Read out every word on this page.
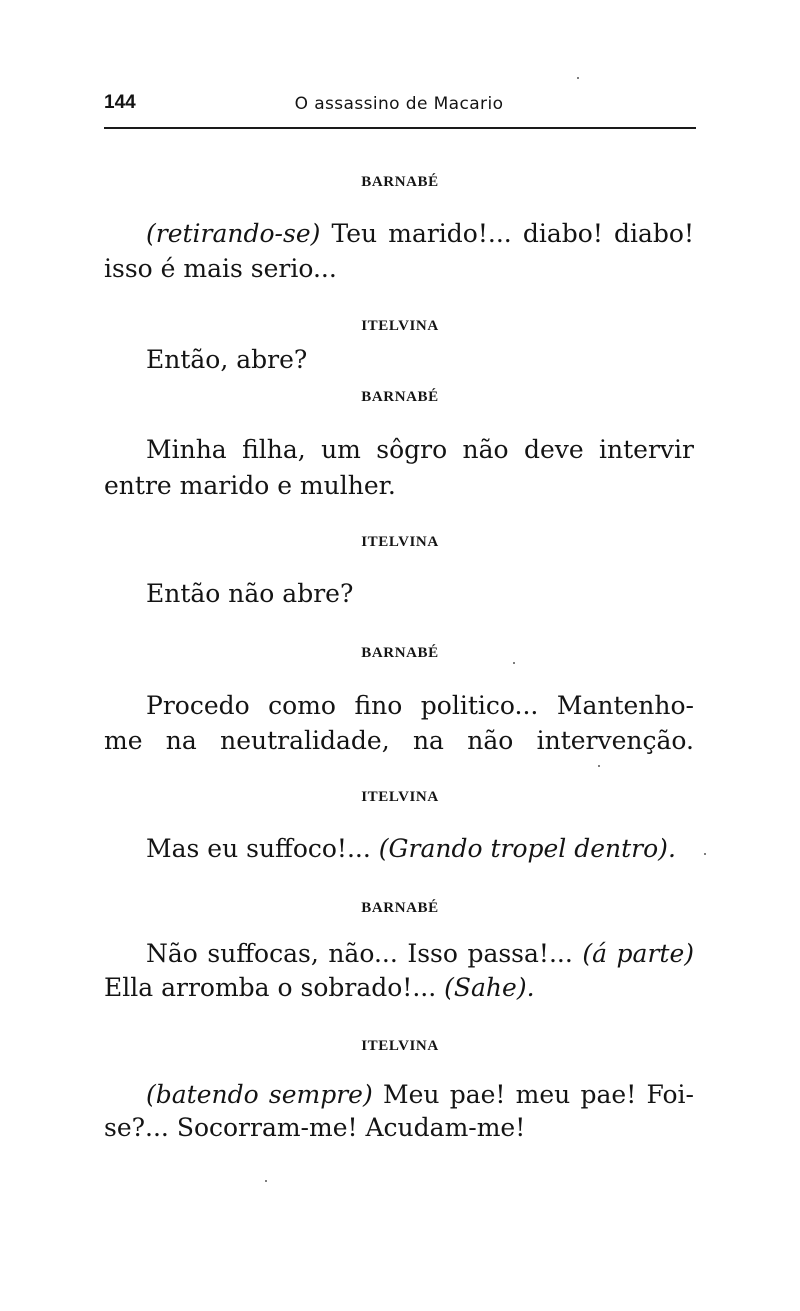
144	O assassino de Macario
BARNABÉ
(retirando-se) Teu marido!... diabo! diabo!
isso é mais serio...
ITELVINA
Então, abre?
BARNABÉ
Minha filha, um sôgro não deve intervir
entre marido e mulher.
ITELVINA
Então não abre?
BARNABÉ
Procedo como fino politico... Mantenho-
me na neutralidade, na não intervenção.
ITELVINA
Mas eu suffoco!... (Grando tropel dentro).
BARNABÉ
Não suffocas, não... Isso passa!... (á parte)
Ella arromba o sobrado!... (Sahe).
ITELVINA
(batendo sempre) Meu pae! meu pae! Foi-
se?... Socorram-me! Acudam-me!
